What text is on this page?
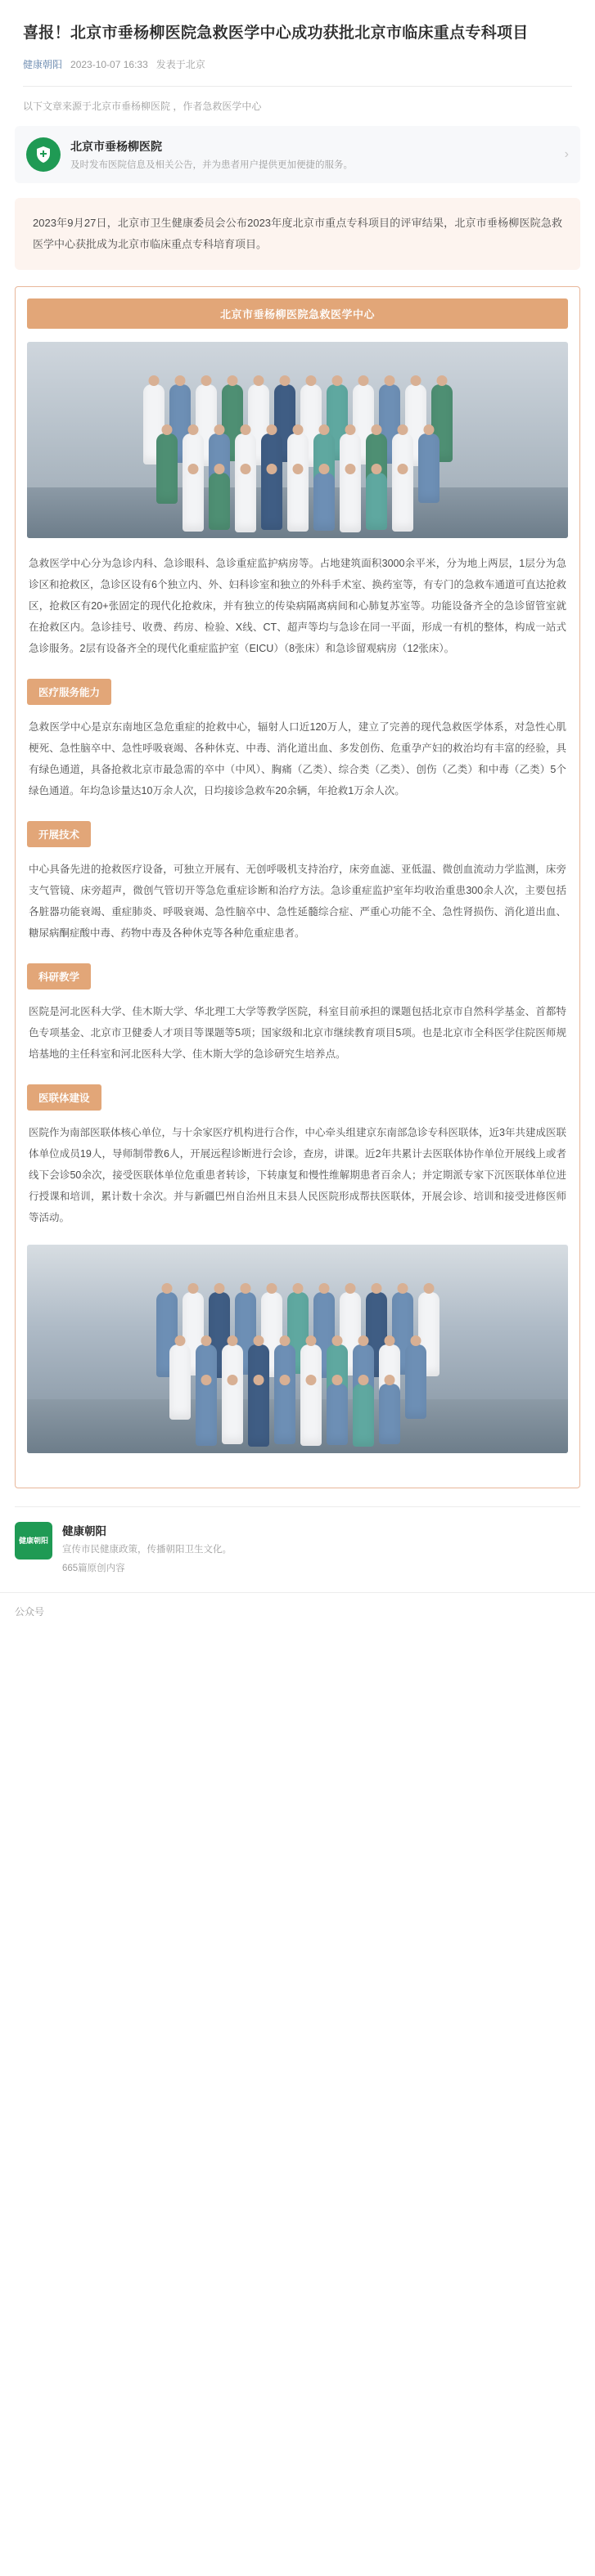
喜报！北京市垂杨柳医院急救医学中心成功获批北京市临床重点专科项目
健康朝阳 2023-10-07 16:33 发表于北京
以下文章来源于北京市垂杨柳医院 ，作者急救医学中心
北京市垂杨柳医院
及时发布医院信息及相关公告，并为患者用户提供更加便捷的服务。
›
2023年9月27日，北京市卫生健康委员会公布2023年度北京市重点专科项目的评审结果，北京市垂杨柳医院急救医学中心获批成为北京市临床重点专科培育项目。
北京市垂杨柳医院急救医学中心
急救医学中心分为急诊内科、急诊眼科、急诊重症监护病房等。占地建筑面积3000余平米，分为地上两层，1层分为急诊区和抢救区，急诊区设有6个独立内、外、妇科诊室和独立的外科手术室、换药室等，有专门的急救车通道可直达抢救区，抢救区有20+张固定的现代化抢救床，并有独立的传染病隔离病间和心肺复苏室等。功能设备齐全的急诊留管室就在抢救区内。急诊挂号、收费、药房、检验、X线、CT、超声等均与急诊在同一平面，形成一有机的整体，构成一站式急诊服务。2层有设备齐全的现代化重症监护室（EICU）（8张床）和急诊留观病房（12张床）。
医疗服务能力
急救医学中心是京东南地区急危重症的抢救中心，辐射人口近120万人，建立了完善的现代急救医学体系，对急性心肌梗死、急性脑卒中、急性呼吸衰竭、各种休克、中毒、消化道出血、多发创伤、危重孕产妇的救治均有丰富的经验，具有绿色通道，具备抢救北京市最急需的卒中（中风）、胸痛（乙类）、综合类（乙类）、创伤（乙类）和中毒（乙类）5个绿色通道。年均急诊量达10万余人次，日均接诊急救车20余辆，年抢救1万余人次。
开展技术
中心具备先进的抢救医疗设备，可独立开展有、无创呼吸机支持治疗，床旁血滤、亚低温、微创血流动力学监测，床旁支气管镜、床旁超声，微创气管切开等急危重症诊断和治疗方法。急诊重症监护室年均收治重患300余人次，主要包括各脏器功能衰竭、重症肺炎、呼吸衰竭、急性脑卒中、急性延髓综合症、严重心功能不全、急性肾损伤、消化道出血、糖尿病酮症酸中毒、药物中毒及各种休克等各种危重症患者。
科研教学
医院是河北医科大学、佳木斯大学、华北理工大学等教学医院，科室目前承担的课题包括北京市自然科学基金、首都特色专项基金、北京市卫健委人才项目等课题等5项；国家级和北京市继续教育项目5项。也是北京市全科医学住院医师规培基地的主任科室和河北医科大学、佳木斯大学的急诊研究生培养点。
医联体建设
医院作为南部医联体核心单位，与十余家医疗机构进行合作，中心牵头组建京东南部急诊专科医联体，近3年共建成医联体单位成员19人，导师制带教6人，开展远程诊断进行会诊，查房，讲课。近2年共累计去医联体协作单位开展线上或者线下会诊50余次，接受医联体单位危重患者转诊，下转康复和慢性维解期患者百余人；并定期派专家下沉医联体单位进行授课和培训，累计数十余次。并与新疆巴州自治州且末县人民医院形成帮扶医联体，开展会诊、培训和接受进修医师等活动。
健康朝阳
健康朝阳
宣传市民健康政策，传播朝阳卫生文化。
665篇原创内容
公众号
